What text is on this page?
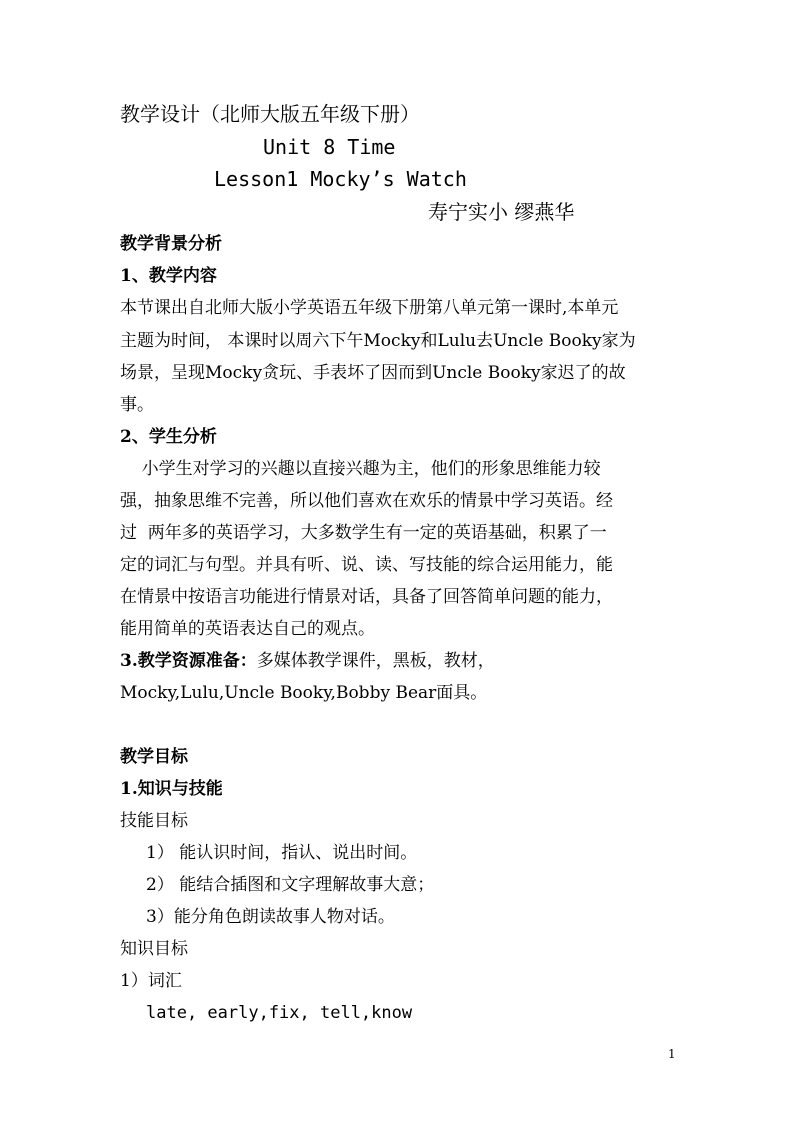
教学设计（北师大版五年级下册）
Unit 8 Time
Lesson1 Mocky’s Watch
寿宁实小 缪燕华
教学背景分析
1、教学内容
本节课出自北师大版小学英语五年级下册第八单元第一课时,本单元
主题为时间， 本课时以周六下午Mocky和Lulu去Uncle Booky家为
场景，呈现Mocky贪玩、手表坏了因而到Uncle Booky家迟了的故
事。
2、学生分析
小学生对学习的兴趣以直接兴趣为主，他们的形象思维能力较
强，抽象思维不完善，所以他们喜欢在欢乐的情景中学习英语。经
过  两年多的英语学习，大多数学生有一定的英语基础，积累了一
定的词汇与句型。并具有听、说、读、写技能的综合运用能力，能
在情景中按语言功能进行情景对话，具备了回答简单问题的能力，
能用简单的英语表达自己的观点。
3.教学资源准备：多媒体教学课件，黑板，教材，
Mocky,Lulu,Uncle Booky,Bobby Bear面具。
教学目标
1.知识与技能
技能目标
1） 能认识时间，指认、说出时间。
2） 能结合插图和文字理解故事大意；
3）能分角色朗读故事人物对话。
知识目标
1）词汇
late, early,fix, tell,know
1
